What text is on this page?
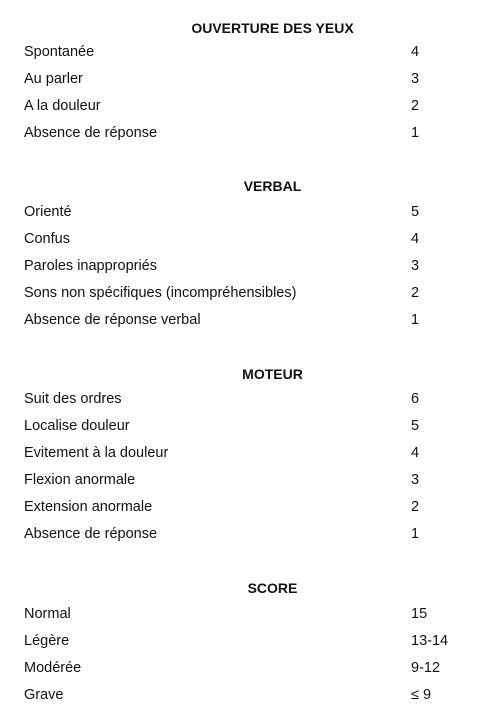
OUVERTURE DES YEUX
Spontanée	4
Au parler	3
A la douleur	2
Absence de réponse	1
VERBAL
Orienté	5
Confus	4
Paroles inappropriés	3
Sons non spécifiques (incompréhensibles)	2
Absence de réponse verbal	1
MOTEUR
Suit des ordres	6
Localise douleur	5
Evitement à la douleur	4
Flexion anormale	3
Extension anormale	2
Absence de réponse	1
SCORE
Normal	15
Légère	13-14
Modérée	9-12
Grave	≤ 9
